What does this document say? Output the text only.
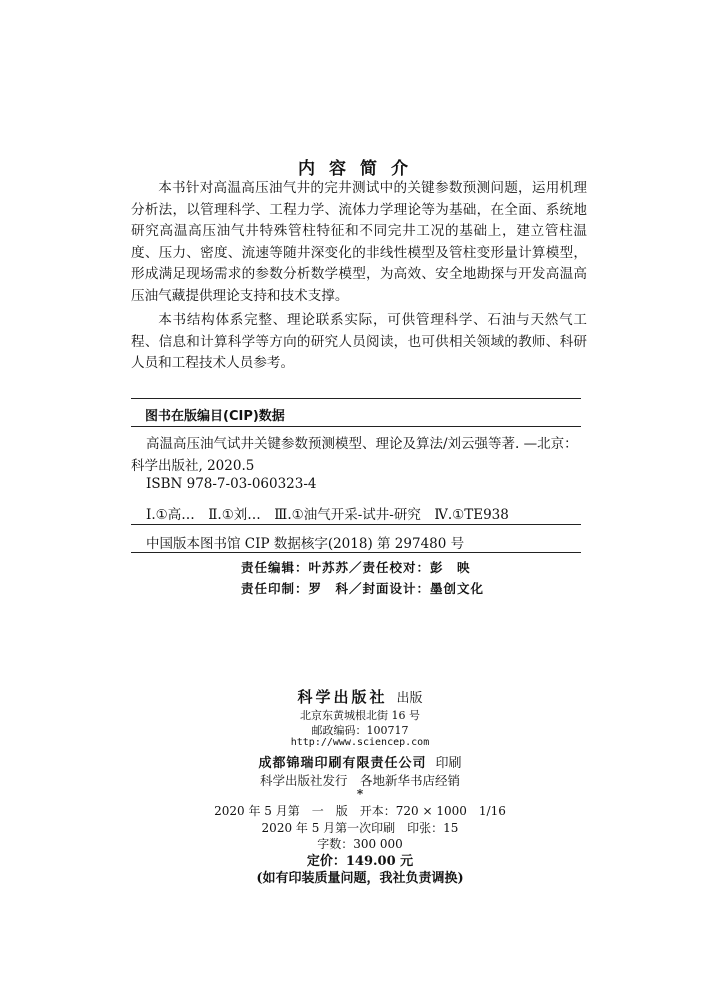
内容简介

本书针对高温高压油气井的完井测试中的关键参数预测问题，运用机理分析法，以管理科学、工程力学、流体力学理论等为基础，在全面、系统地研究高温高压油气井特殊管柱特征和不同完井工况的基础上，建立管柱温度、压力、密度、流速等随井深变化的非线性模型及管柱变形量计算模型，形成满足现场需求的参数分析数学模型，为高效、安全地勘探与开发高温高压油气藏提供理论支持和技术支撑。

本书结构体系完整、理论联系实际，可供管理科学、石油与天然气工程、信息和计算科学等方向的研究人员阅读，也可供相关领域的教师、科研人员和工程技术人员参考。

图书在版编目(CIP)数据
高温高压油气试井关键参数预测模型、理论及算法/刘云强等著. —北京：
科学出版社, 2020.5
ISBN 978-7-03-060323-4
Ⅰ.①高…　Ⅱ.①刘…　Ⅲ.①油气开采-试井-研究　Ⅳ.①TE938
中国版本图书馆 CIP 数据核字(2018) 第 297480 号
责任编辑：叶苏苏／责任校对：彭　映
责任印制：罗　科／封面设计：墨创文化
科学出版社 出版
北京东黄城根北街 16 号
邮政编码：100717
http://www.sciencep.com
成都锦瑞印刷有限责任公司 印刷
科学出版社发行　各地新华书店经销
*
2020 年 5 月第　一　版　开本：720 × 1000　1/16
2020 年 5 月第一次印刷　印张：15
字数：300 000
定价：149.00 元
(如有印装质量问题，我社负责调换)
